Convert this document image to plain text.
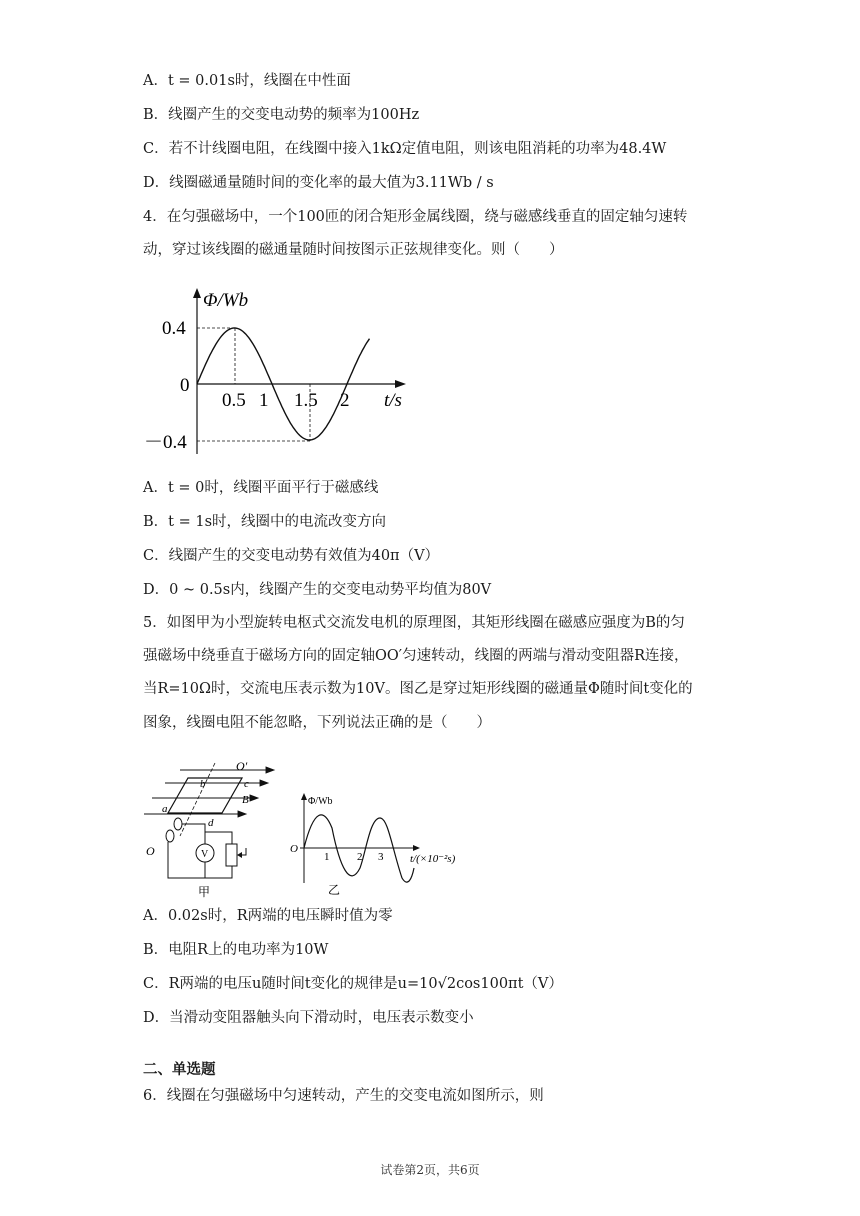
A．t = 0.01s时，线圈在中性面
B．线圈产生的交变电动势的频率为100Hz
C．若不计线圈电阻，在线圈中接入1kΩ定值电阻，则该电阻消耗的功率为48.4W
D．线圈磁通量随时间的变化率的最大值为3.11Wb / s
4．在匀强磁场中，一个100匝的闭合矩形金属线圈，绕与磁感线垂直的固定轴匀速转
动，穿过该线圈的磁通量随时间按图示正弦规律变化。则（　　）
Φ/Wb
0.4
0
－0.4
0.5 1 1.5 2 t/s
A．t = 0时，线圈平面平行于磁感线
B．t = 1s时，线圈中的电流改变方向
C．线圈产生的交变电动势有效值为40π（V）
D．0 ~ 0.5s内，线圈产生的交变电动势平均值为80V
5．如图甲为小型旋转电枢式交流发电机的原理图，其矩形线圈在磁感应强度为B的匀
强磁场中绕垂直于磁场方向的固定轴OO′匀速转动，线圈的两端与滑动变阻器R连接，
当R=10Ω时，交流电压表示数为10V。图乙是穿过矩形线圈的磁通量Φ随时间t变化的
图象，线圈电阻不能忽略，下列说法正确的是（　　）
O′
b	c
B
a
d
O	V
甲
Φ/Wb
O
1	2 3 t/(×10⁻²s)
乙
A．0.02s时，R两端的电压瞬时值为零
B．电阻R上的电功率为10W
C．R两端的电压u随时间t变化的规律是u=10√2cos100πt（V）
D．当滑动变阻器触头向下滑动时，电压表示数变小
二、单选题
6．线圈在匀强磁场中匀速转动，产生的交变电流如图所示，则
试卷第2页，共6页
